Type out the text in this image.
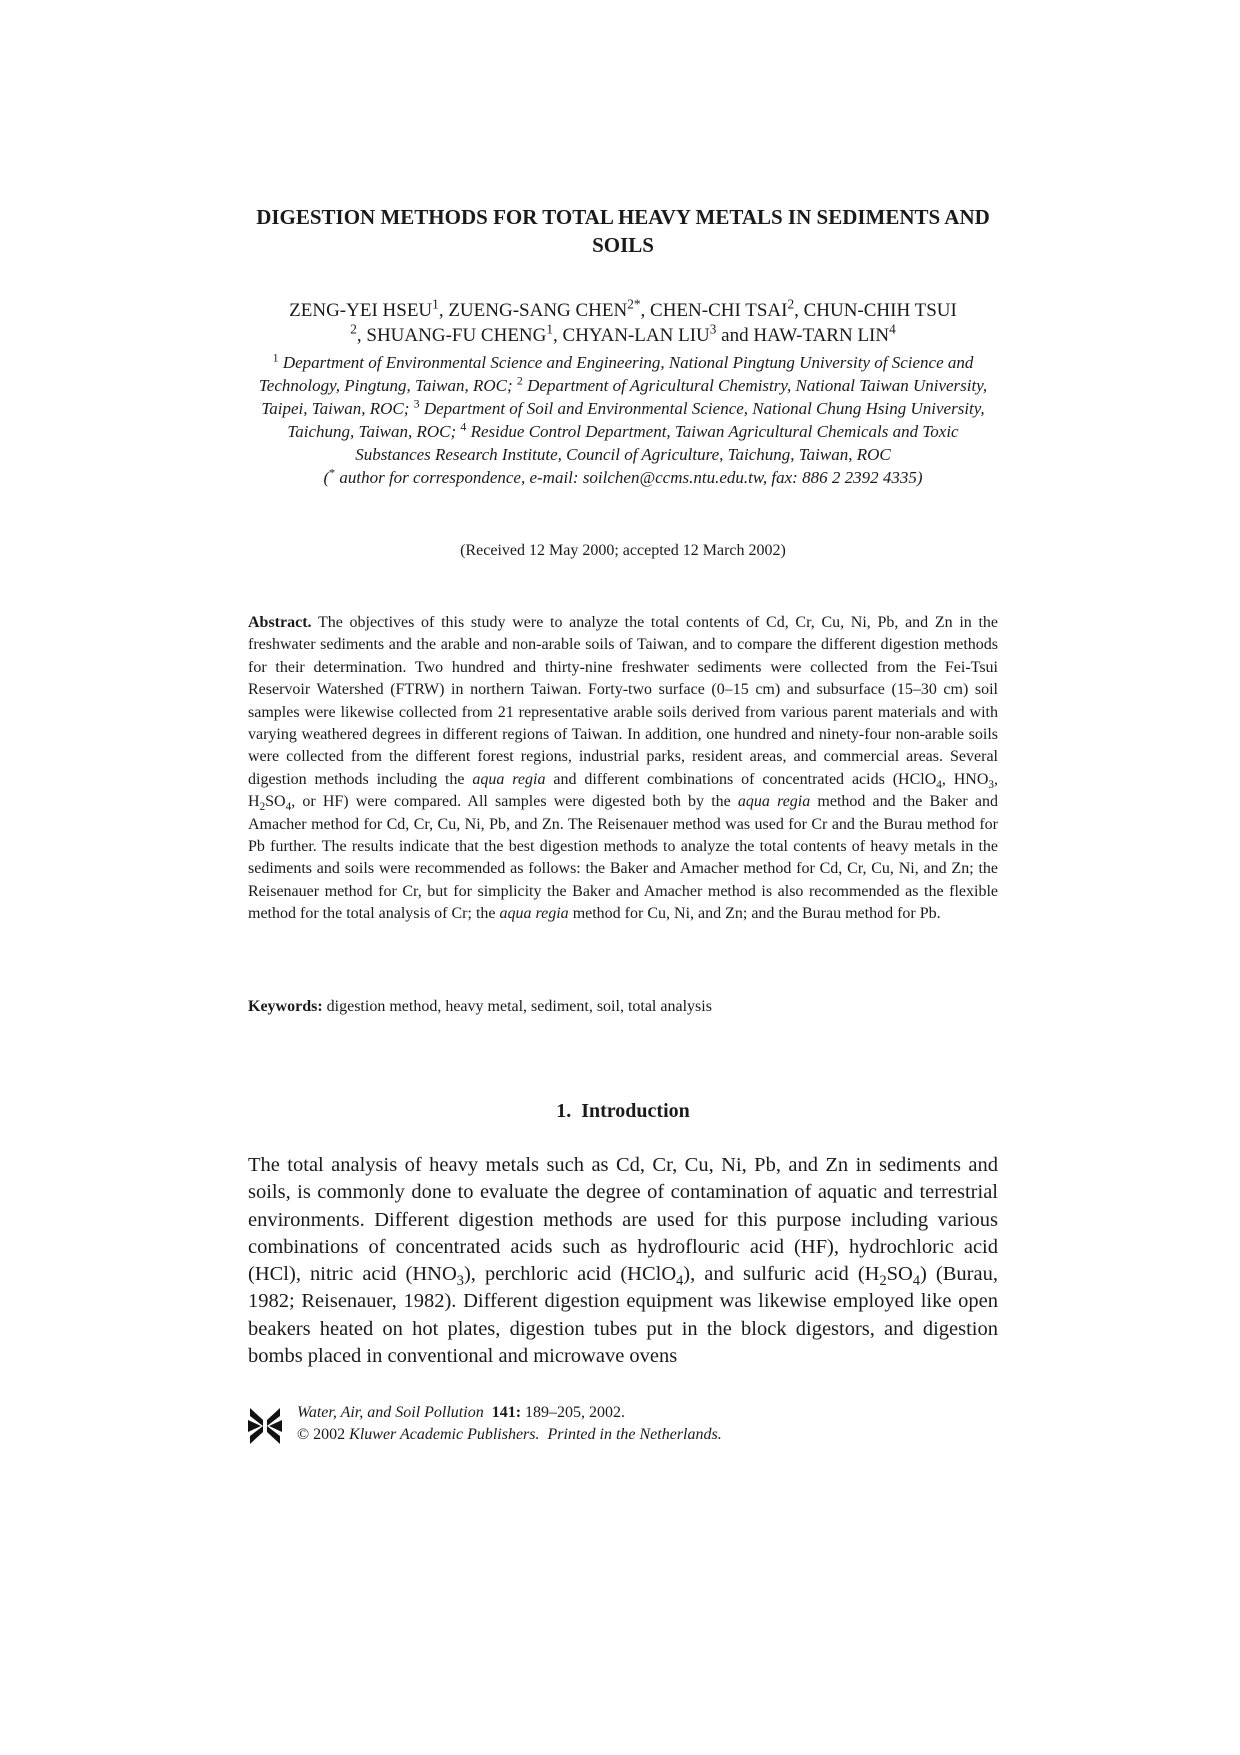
DIGESTION METHODS FOR TOTAL HEAVY METALS IN SEDIMENTS AND SOILS
ZENG-YEI HSEU$^1$, ZUENG-SANG $CHEN^{2*}$, CHEN-CHI TSAI$^2$, CHUN-CHIH TSUI
$^2$, SHUANG-FU CHENG$^1$, CHYAN-LAN LIU$^3$ and HAW-TARN LIN$^4$
$^1$ Department of Environmental Science and Engineering, National Pingtung University of Science and Technology, Pingtung, Taiwan, ROC; $^2$ Department of Agricultural Chemistry, National Taiwan University, Taipei, Taiwan, ROC; $^3$ Department of Soil and Environmental Science, National Chung Hsing University, Taichung, Taiwan, ROC; $^4$ Residue Control Department, Taiwan Agricultural Chemicals and Toxic Substances Research Institute, Council of Agriculture, Taichung, Taiwan, ROC
(* author for correspondence, e-mail: soilchen@ccms.ntu.edu.tw, fax: 886 2 2392 4335)
(Received 12 May 2000; accepted 12 March 2002)
Abstract. The objectives of this study were to analyze the total contents of Cd, Cr, Cu, Ni, Pb, and Zn in the freshwater sediments and the arable and non-arable soils of Taiwan, and to compare the different digestion methods for their determination. Two hundred and thirty-nine freshwater sediments were collected from the Fei-Tsui Reservoir Watershed (FTRW) in northern Taiwan. Forty-two surface (0–15 cm) and subsurface (15–30 cm) soil samples were likewise collected from 21 representative arable soils derived from various parent materials and with varying weathered degrees in different regions of Taiwan. In addition, one hundred and ninety-four non-arable soils were collected from the different forest regions, industrial parks, resident areas, and commercial areas. Several digestion methods including the aqua regia and different combinations of concentrated acids (HClO$_4$, $HNO_3$, $H_2SO_4$, or HF) were compared. All samples were digested both by the aqua regia method and the Baker and Amacher method for Cd, Cr, Cu, Ni, Pb, and Zn. The Reisenauer method was used for Cr and the Burau method for Pb further. The results indicate that the best digestion methods to analyze the total contents of heavy metals in the sediments and soils were recommended as follows: the Baker and Amacher method for Cd, Cr, Cu, Ni, and Zn; the Reisenauer method for Cr, but for simplicity the Baker and Amacher method is also recommended as the flexible method for the total analysis of Cr; the aqua regia method for Cu, Ni, and Zn; and the Burau method for Pb.
Keywords: digestion method, heavy metal, sediment, soil, total analysis
1.  Introduction
The total analysis of heavy metals such as Cd, Cr, Cu, Ni, Pb, and Zn in sediments and soils, is commonly done to evaluate the degree of contamination of aquatic and terrestrial environments. Different digestion methods are used for this purpose including various combinations of concentrated acids such as hydroflouric acid (HF), hydrochloric acid (HCl), nitric acid $(HNO_3)$, perchloric acid (HClO$_4$), and sulfuric acid $(H_2SO_4)$ (Burau, 1982; Reisenauer, 1982). Different digestion equipment was likewise employed like open beakers heated on hot plates, digestion tubes put in the block digestors, and digestion bombs placed in conventional and microwave ovens
Water, Air, and Soil Pollution 141: 189–205, 2002.
© 2002 Kluwer Academic Publishers.  Printed in the Netherlands.
